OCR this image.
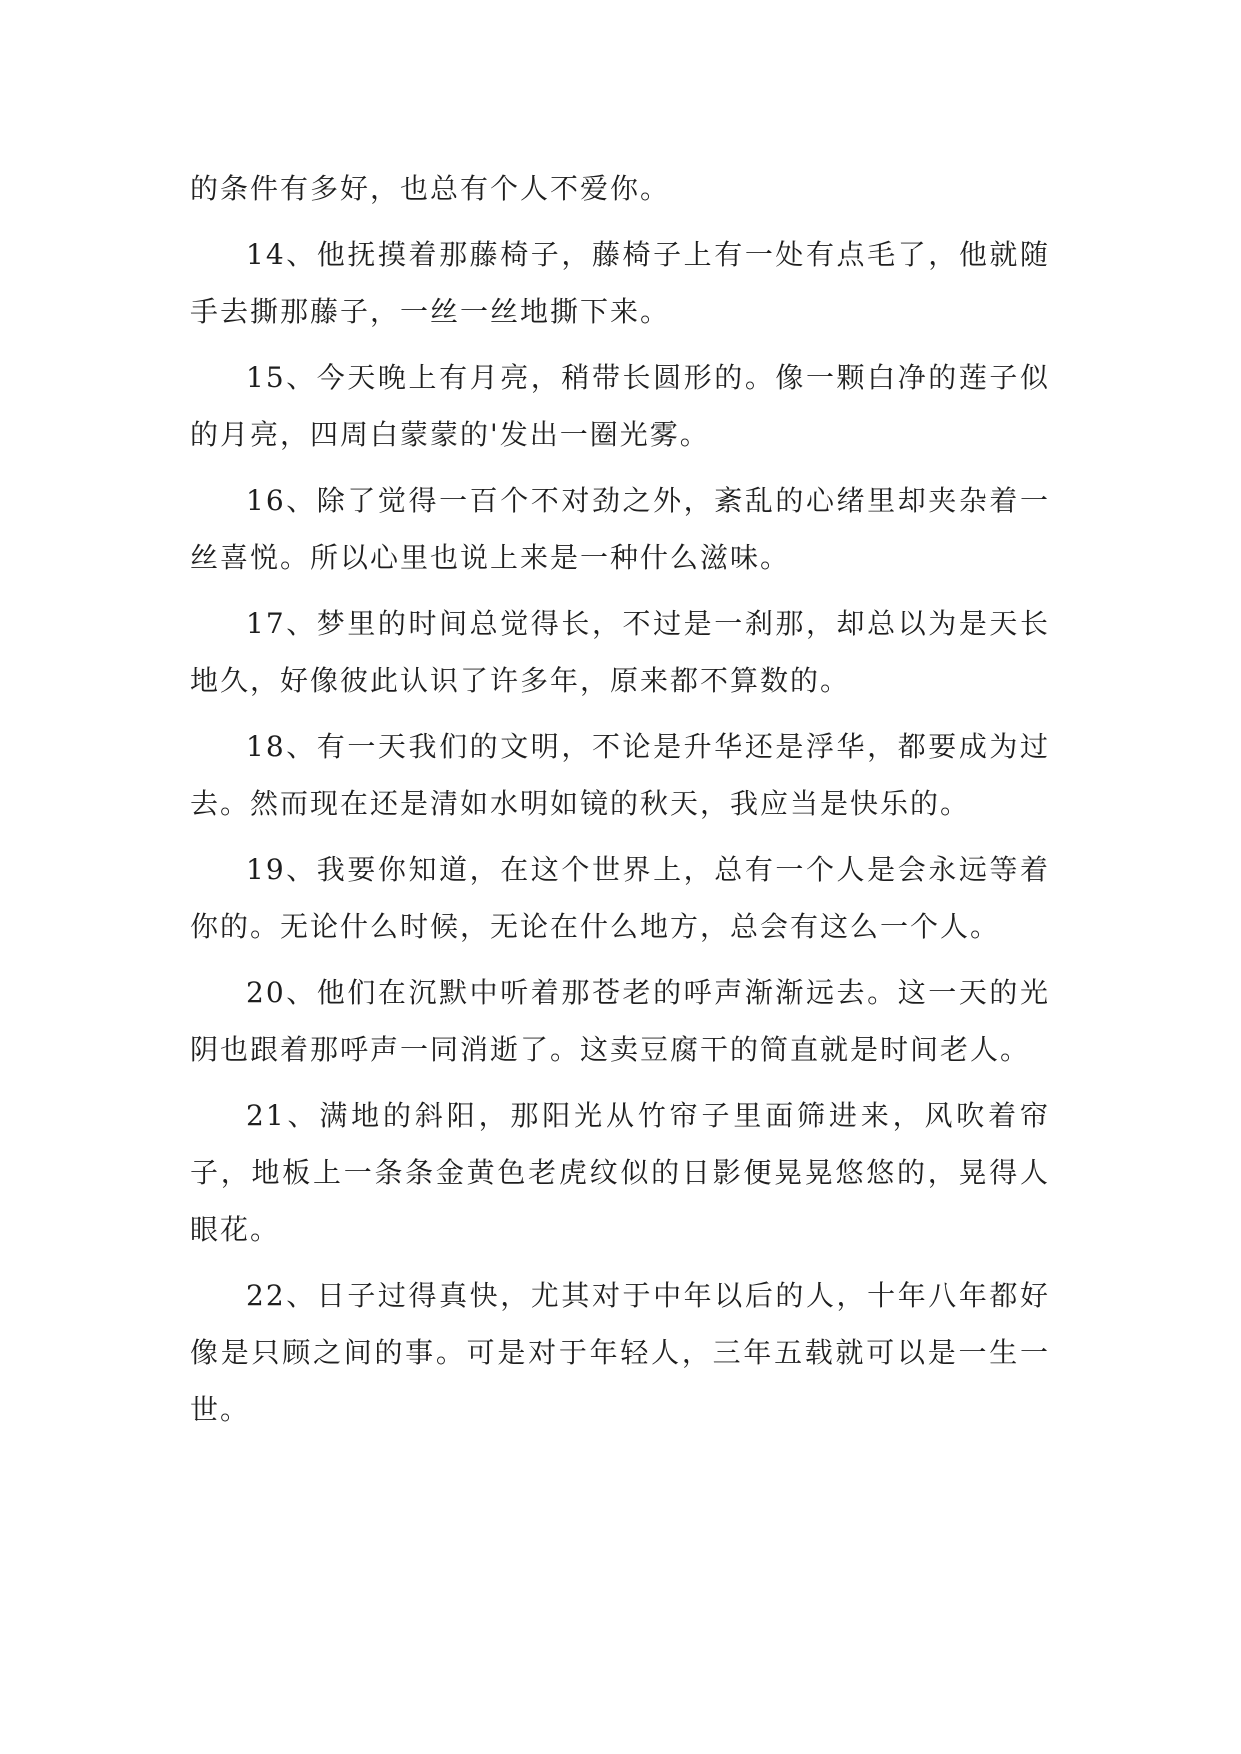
的条件有多好，也总有个人不爱你。

14、他抚摸着那藤椅子，藤椅子上有一处有点毛了，他就随手去撕那藤子，一丝一丝地撕下来。

15、今天晚上有月亮，稍带长圆形的。像一颗白净的莲子似的月亮，四周白蒙蒙的'发出一圈光雾。

16、除了觉得一百个不对劲之外，紊乱的心绪里却夹杂着一丝喜悦。所以心里也说上来是一种什么滋味。

17、梦里的时间总觉得长，不过是一刹那，却总以为是天长地久，好像彼此认识了许多年，原来都不算数的。

18、有一天我们的文明，不论是升华还是浮华，都要成为过去。然而现在还是清如水明如镜的秋天，我应当是快乐的。

19、我要你知道，在这个世界上，总有一个人是会永远等着你的。无论什么时候，无论在什么地方，总会有这么一个人。

20、他们在沉默中听着那苍老的呼声渐渐远去。这一天的光阴也跟着那呼声一同消逝了。这卖豆腐干的简直就是时间老人。

21、满地的斜阳，那阳光从竹帘子里面筛进来，风吹着帘子，地板上一条条金黄色老虎纹似的日影便晃晃悠悠的，晃得人眼花。

22、日子过得真快，尤其对于中年以后的人，十年八年都好像是只顾之间的事。可是对于年轻人，三年五载就可以是一生一世。
